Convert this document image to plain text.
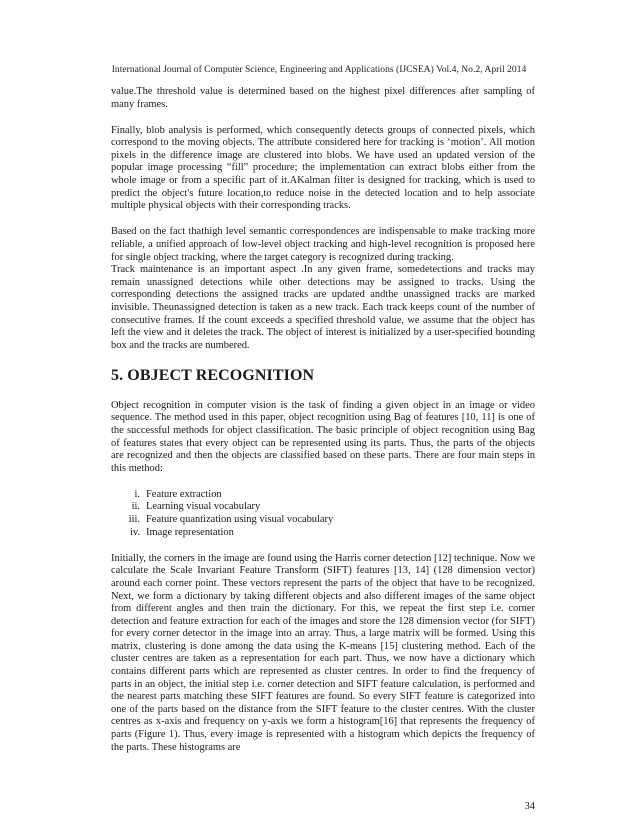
International Journal of Computer Science, Engineering and Applications (IJCSEA) Vol.4, No.2, April 2014

value.The threshold value is determined based on the highest pixel differences after sampling of many frames.

Finally, blob analysis is performed, which consequently detects groups of connected pixels, which correspond to the moving objects. The attribute considered here for tracking is ‘motion’. All motion pixels in the difference image are clustered into blobs. We have used an updated version of the popular image processing “fill” procedure; the implementation can extract blobs either from the whole image or from a specific part of it.AKalman filter is designed for tracking, which is used to predict the object's future location,to reduce noise in the detected location and to help associate multiple physical objects with their corresponding tracks.

Based on the fact thathigh level semantic correspondences are indispensable to make tracking more reliable, a unified approach of low-level object tracking and high-level recognition is proposed here for single object tracking, where the target category is recognized during tracking.

Track maintenance is an important aspect .In any given frame, somedetections and tracks may remain unassigned detections while other detections may be assigned to tracks. Using the corresponding detections the assigned tracks are updated andthe unassigned tracks are marked invisible. Theunassigned detection is taken as a new track. Each track keeps count of the number of consecutive frames. If the count exceeds a specified threshold value, we assume that the object has left the view and it deletes the track. The object of interest is initialized by a user-specified bounding box and the tracks are numbered.

5. OBJECT RECOGNITION

Object recognition in computer vision is the task of finding a given object in an image or video sequence. The method used in this paper, object recognition using Bag of features [10, 11] is one of the successful methods for object classification. The basic principle of object recognition using Bag of features states that every object can be represented using its parts. Thus, the parts of the objects are recognized and then the objects are classified based on these parts. There are four main steps in this method:

i. Feature extraction
ii. Learning visual vocabulary
iii. Feature quantization using visual vocabulary
iv. Image representation

Initially, the corners in the image are found using the Harris corner detection [12] technique. Now we calculate the Scale Invariant Feature Transform (SIFT) features [13, 14] (128 dimension vector) around each corner point. These vectors represent the parts of the object that have to be recognized. Next, we form a dictionary by taking different objects and also different images of the same object from different angles and then train the dictionary. For this, we repeat the first step i.e. corner detection and feature extraction for each of the images and store the 128 dimension vector (for SIFT) for every corner detector in the image into an array. Thus, a large matrix will be formed. Using this matrix, clustering is done among the data using the K-means [15] clustering method. Each of the cluster centres are taken as a representation for each part. Thus, we now have a dictionary which contains different parts which are represented as cluster centres. In order to find the frequency of parts in an object, the initial step i.e. corner detection and SIFT feature calculation, is performed and the nearest parts matching these SIFT features are found. So every SIFT feature is categorized into one of the parts based on the distance from the SIFT feature to the cluster centres. With the cluster centres as x-axis and frequency on y-axis we form a histogram[16] that represents the frequency of parts (Figure 1). Thus, every image is represented with a histogram which depicts the frequency of the parts. These histograms are

34
